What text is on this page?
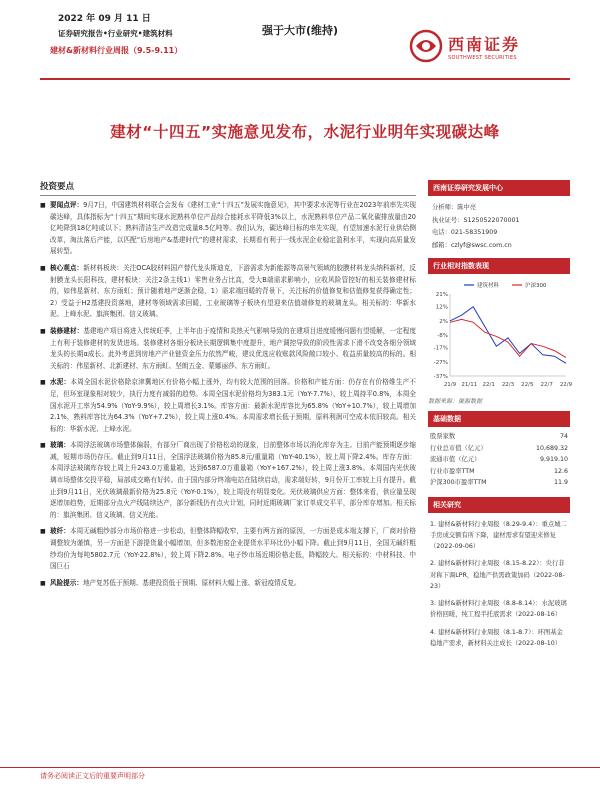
2022 年 09 月 11 日
证券研究报告•行业研究•建筑材料
建材&新材料行业周报（9.5-9.11）
强于大市(维持)
西南证券
SOUTHWEST SECURITIES
建材“十四五”实施意见发布，水泥行业明年实现碳达峰
投资要点
■ 要闻点评：9月7日，中国建筑材料联合会发布《建材工业“十四五”发展实施意见》，其中要求水泥等行业在2023年前率先实现碳达峰，具体指标为“十四五”期间实现水泥熟料单位产品综合能耗水平降低3%以上，水泥熟料单位产品二氧化碳排放量由20亿吨降到18亿吨或以下；熟料清洁生产改造完成量8.5亿吨等。我们认为，碳达峰目标的率先实现，有望加速水泥行业供给侧改革，淘汰落后产能，以匹配“后房地产&基建时代”的建材需求，长期看有利于一线水泥企业稳定盈利水平，实现向高质量发展转型。
■ 核心观点：新材料板块：关注OCA胶材料国产替代龙头斯迪克，下游需求为新能源等高景气领域的胶膜材料龙头纳科新材，反射膜龙头长阳科技，建材板块：关注2条主线1）零售业务占比高，受大B端需求影响小，应收风险管控好的相关装修建材标的，如伟星新材、东方雨虹；预计随着地产逐渐企稳，1）需求端回暖的背景下，关注标的价值修复和估值修复获得确定性；2）受益于H2基建投资落地，建材等领域需求回暖，工业玻璃等子板块有望迎来估值端修复的玻璃龙头。相关标的：华新水泥、上峰水泥、旗滨集团、信义玻璃。
■ 装修建材：基建地产项目将进入传统旺季，上半年由于疫情和炎热天气影响导致的在建项目进度缓慢问题有望缓解，一定程度上有利于装修建材的发货进场。装修建材各细分板块长期逻辑集中度提升，地产调控导致的阶段性需求下滑不改变各细分领域龙头的长期α成长。此外考虑到房地产产业链资金压力依然严峻，建议优选应收账款风险敞口较小、收益质量较高的标的。相关标的：伟星新材、北新建材、东方雨虹、坚朗五金、蒙娜丽莎、东方雨虹。
■ 水泥：本周全国水泥价格除京津冀地区有价格小幅上涨外，均有较大范围的回落。价格和产能方面：仍存在有价格维生产不足，但环室现象相对较少，执行力度有减弱的趋势。本周全国水泥价格均为383.1元（YoY-7.7%），较上周持平0.8%，本周全国水泥开工率为54.9%（YoY-9.9%），较上周增长3.1%。库容方面：最新水泥库容比为65.8%（YoY+10.7%），较上周增加2.1%，熟料库容比为64.3%（YoY+7.2%），较上周上涨0.4%。本周需求增长低于预期，原料利润可空成本依旧较高。相关标的：华新水泥、上峰水泥。
■ 玻璃：本周浮法玻璃市场整体偏弱，有部分厂商出现了价格松动的现象，目前整体市场以消化库存为主。目前产能预期逐步缩减，短期市场仍存压。截止到9月11日，全国浮法玻璃价格为85.8元/重量箱（YoY-40.1%），较上周下降2.4%。库存方面：本周浮法玻璃库存较上周上升243.0万重量箱，达到6587.0万重量箱（YoY+167.2%），较上周上涨3.8%。本周国内光伏玻璃市场整体交投平稳，局部成交略有好转。由于国内部分终端电站在陆续启动，需求端好转，9月份开工率较上月有提升。截止到9月11日，光伏玻璃最新价格为25.8元（YoY-0.1%），较上周没有明显变化。光伏玻璃供应方面：整体来看，供应量呈现逐增加趋势，近期部分点火产线陆续达产，部分新线仍有点火计划，同时近期玻璃厂家订单成交平平，部分库存增加。相关标的：旗滨集团、信义玻璃、信义光能。
■ 玻纤：本周无碱粗纱部分市场价格进一步松动，但整体降幅收窄，主要有两方面的原因，一方面是成本端支撑下，厂商对价格调整较为谨慎，另一方面是下游提货量小幅增加，但多数池窑企业提货水平环比仍小幅下降。截止到9月11日，全国无碱纤粗纱均价为每吨5802.7元（YoY-22.8%），较上周下降2.8%。电子纱市场近期价格走低，降幅较大。相关标的：中材科技、中国巨石
■ 风险提示：地产复苏低于预期、基建投资低于预期、原材料大幅上涨、新冠疫情反复。
西南证券研究发展中心
分析师：陈中亮
执业证号：S1250522070001
电话：021-58351909
邮箱：czlyf@swsc.com.cn
行业相对指数表现
21%
12%
2%
-8%
-17%
-27%
-37%
21/9 21/11 22/1 22/3 22/5 22/7 22/9
建筑材料	沪深300
数据来源：聚源数据
基础数据
股票家数	74
行业总市值（亿元）	10,689.32
流通市值（亿元）	9,919.10
行业市盈率TTM	12.6
沪深300市盈率TTM	11.9
相关研究
1. 建材&新材料行业周报（8.29-9.4）：重点城二手房成交额有所下降，建材需求有望迎来修复（2022-09-06）
2. 建材&新材料行业周报（8.15-8.22）：央行非对称下调LPR，稳地产供需政策加码（2022-08-23）
3. 建材&新材料行业周报（8.8-8.14）：水泥玻璃价格回暖，纯工程半托底需求（2022-08-16）
4. 建材&新材料行业周报（8.1-8.7）：环图基金稳地产需求，新材料关注成长（2022-08-10）
请务必阅读正文后的重要声明部分
